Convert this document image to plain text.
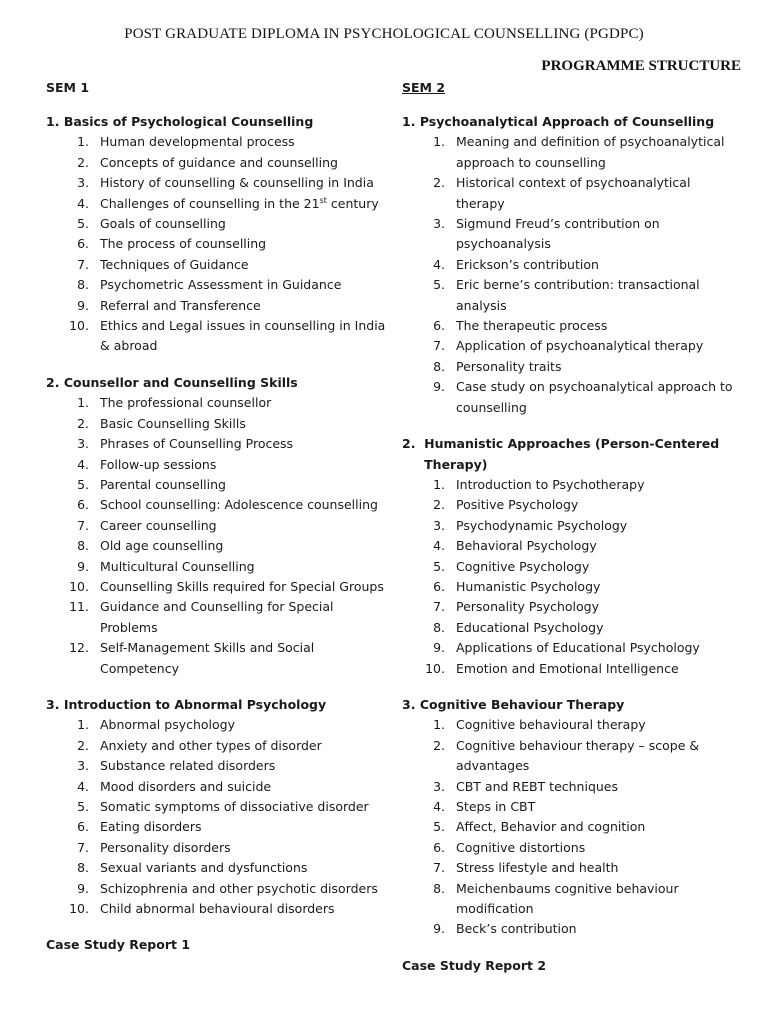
POST GRADUATE DIPLOMA IN PSYCHOLOGICAL COUNSELLING (PGDPC)
PROGRAMME STRUCTURE
SEM 1
1. Basics of Psychological Counselling
1. Human developmental process
2. Concepts of guidance and counselling
3. History of counselling & counselling in India
4. Challenges of counselling in the 21st century
5. Goals of counselling
6. The process of counselling
7. Techniques of Guidance
8. Psychometric Assessment in Guidance
9. Referral and Transference
10. Ethics and Legal issues in counselling in India & abroad
2. Counsellor and Counselling Skills
1. The professional counsellor
2. Basic Counselling Skills
3. Phrases of Counselling Process
4. Follow-up sessions
5. Parental counselling
6. School counselling: Adolescence counselling
7. Career counselling
8. Old age counselling
9. Multicultural Counselling
10. Counselling Skills required for Special Groups
11. Guidance and Counselling for Special Problems
12. Self-Management Skills and Social Competency
3. Introduction to Abnormal Psychology
1. Abnormal psychology
2. Anxiety and other types of disorder
3. Substance related disorders
4. Mood disorders and suicide
5. Somatic symptoms of dissociative disorder
6. Eating disorders
7. Personality disorders
8. Sexual variants and dysfunctions
9. Schizophrenia and other psychotic disorders
10. Child abnormal behavioural disorders
Case Study Report 1
SEM 2
1. Psychoanalytical Approach of Counselling
1. Meaning and definition of psychoanalytical approach to counselling
2. Historical context of psychoanalytical therapy
3. Sigmund Freud’s contribution on psychoanalysis
4. Erickson’s contribution
5. Eric berne’s contribution: transactional analysis
6. The therapeutic process
7. Application of psychoanalytical therapy
8. Personality traits
9. Case study on psychoanalytical approach to counselling
2. Humanistic Approaches (Person-Centered Therapy)
1. Introduction to Psychotherapy
2. Positive Psychology
3. Psychodynamic Psychology
4. Behavioral Psychology
5. Cognitive Psychology
6. Humanistic Psychology
7. Personality Psychology
8. Educational Psychology
9. Applications of Educational Psychology
10. Emotion and Emotional Intelligence
3. Cognitive Behaviour Therapy
1. Cognitive behavioural therapy
2. Cognitive behaviour therapy – scope & advantages
3. CBT and REBT techniques
4. Steps in CBT
5. Affect, Behavior and cognition
6. Cognitive distortions
7. Stress lifestyle and health
8. Meichenbaums cognitive behaviour modification
9. Beck’s contribution
Case Study Report 2
